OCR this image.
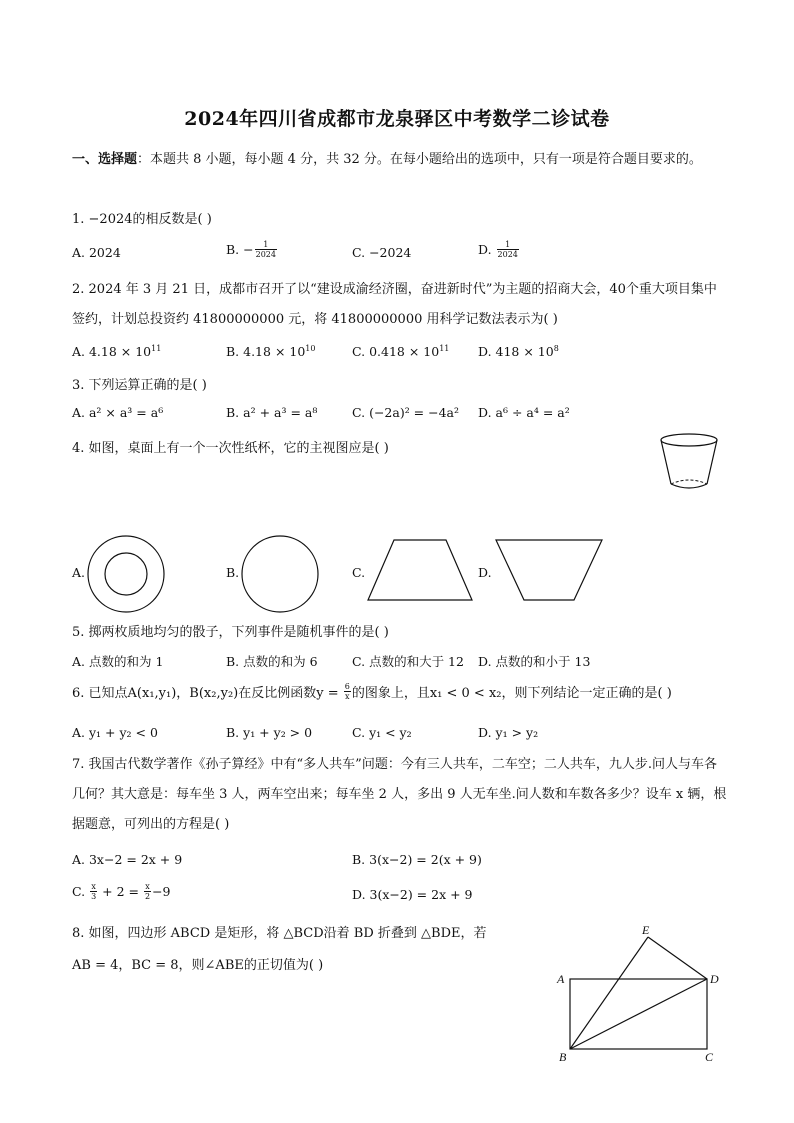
2024年四川省成都市龙泉驿区中考数学二诊试卷
一、选择题：本题共 8 小题，每小题 4 分，共 32 分。在每小题给出的选项中，只有一项是符合题目要求的。
1. −2024的相反数是( )
A. 2024	B. − $\frac{1}{2024}$	C. −2024	D. $\frac{1}{2024}$
2. 2024 年 3 月 21 日，成都市召开了以“建设成渝经济圈，奋进新时代”为主题的招商大会，40个重大项目集中签约，计划总投资约 41800000000 元，将 41800000000 用科学记数法表示为( )
A. $4.18 \times 10^{11}$	B. $4.18 \times 10^{10}$	C. $0.418 \times 10^{11}$ D. $418 \times 10^8$
3. 下列运算正确的是( )
A. a² × a³ = a⁶	B. a² + a³ = a⁸	C. (−2a)² = −4a² D. a⁶ ÷ a⁴ = a²
4. 如图，桌面上有一个一次性纸杯，它的主视图应是( )
A.	B.	C.	D.
5. 掷两枚质地均匀的骰子，下列事件是随机事件的是( )
A. 点数的和为 1	B. 点数的和为 6	C. 点数的和大于 12 D. 点数的和小于 13
6. 已知点A(x₁,y₁)，B(x₂,y₂)在反比例函数$y = \frac{6}{x}$ 的图象上，且x₁ < 0 < x₂，则下列结论一定正确的是( )
A. y₁ + y₂ < 0	B. y₁ + y₂ > 0	C. y₁ < y₂	D. y₁ > y₂
7. 我国古代数学著作《孙子算经》中有“多人共车”问题：今有三人共车，二车空；二人共车，九人步.问人与车各几何？其大意是：每车坐 3 人，两车空出来；每车坐 2 人，多出 9 人无车坐.问人数和车数各多少？设车 x 辆，根据题意，可列出的方程是( )
A. 3x−2 = 2x + 9	B. 3(x−2) = 2(x + 9)
C. $\frac{x}{3} + 2 = \frac{x}{2} -9$	D. 3(x−2) = 2x + 9
8. 如图，四边形 ABCD 是矩形，将 △BCD沿着 BD 折叠到 △BDE，若
AB = 4，BC = 8，则∠ABE的正切值为( )
E
A	D
B	C
